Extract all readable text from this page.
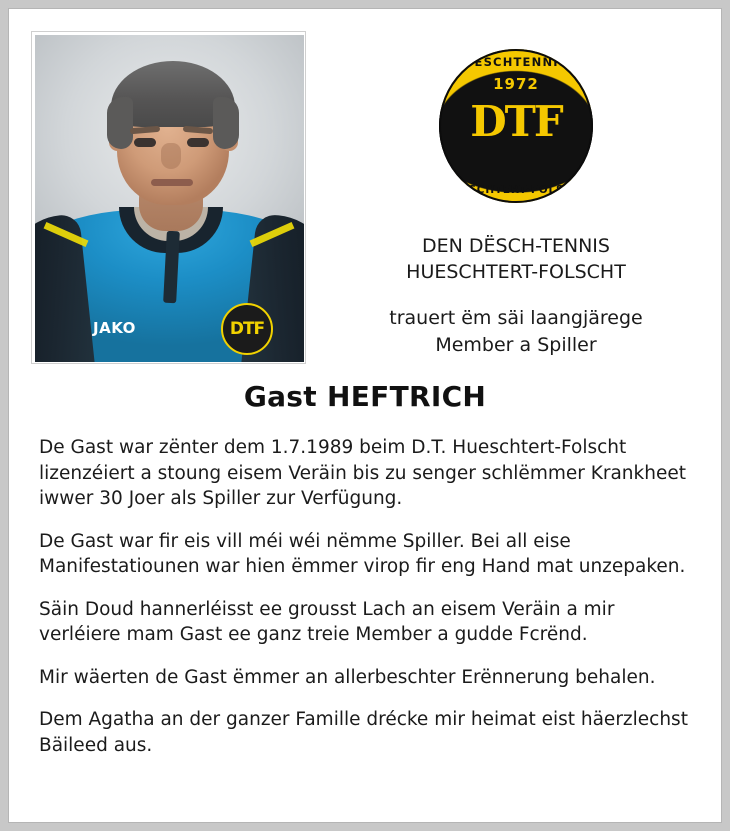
JAKO	DTF
DESCHTENNIS
1972
DTF
HUESCHTERT-FOLSCHT
DEN DËSCH-TENNIS
HUESCHTERT-FOLSCHT
trauert ëm säi laangjärege
Member a Spiller
Gast HEFTRICH

De Gast war zënter dem 1.7.1989 beim D.T. Hueschtert-Folscht lizenzéiert a stoung eisem Veräin bis zu senger schlëmmer Krankheet iwwer 30 Joer als Spiller zur Verfügung.

De Gast war fir eis vill méi wéi nëmme Spiller. Bei all eise Manifestatiounen war hien ëmmer virop fir eng Hand mat unzepaken.

Säin Doud hannerléisst ee grousst Lach an eisem Veräin a mir verléiere mam Gast ee ganz treie Member a gudde Fcrënd.

Mir wäerten de Gast ëmmer an allerbeschter Erënnerung behalen.

Dem Agatha an der ganzer Famille drécke mir heimat eist häerzlechst Bäileed aus.
